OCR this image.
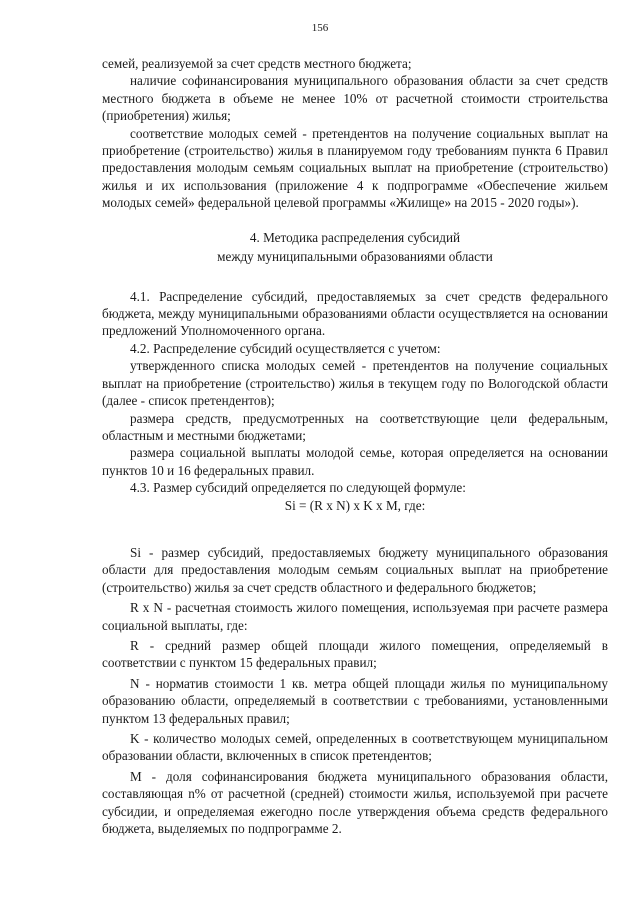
156

семей, реализуемой за счет средств местного бюджета;

наличие софинансирования муниципального образования области за счет средств местного бюджета в объеме не менее 10% от расчетной стоимости строительства (приобретения) жилья;

соответствие молодых семей - претендентов на получение социальных выплат на приобретение (строительство) жилья в планируемом году требованиям пункта 6 Правил предоставления молодым семьям социальных выплат на приобретение (строительство) жилья и их использования (приложение 4 к подпрограмме «Обеспечение жильем молодых семей» федеральной целевой программы «Жилище» на 2015 - 2020 годы»).

4. Методика распределения субсидий
между муниципальными образованиями области

4.1. Распределение субсидий, предоставляемых за счет средств федерального бюджета, между муниципальными образованиями области осуществляется на основании предложений Уполномоченного органа.

4.2. Распределение субсидий осуществляется с учетом:

утвержденного списка молодых семей - претендентов на получение социальных выплат на приобретение (строительство) жилья в текущем году по Вологодской области (далее - список претендентов);

размера средств, предусмотренных на соответствующие цели федеральным, областным и местными бюджетами;

размера социальной выплаты молодой семье, которая определяется на основании пунктов 10 и 16 федеральных правил.

4.3. Размер субсидий определяется по следующей формуле:

Si = (R x N) x K x M, где:

Si - размер субсидий, предоставляемых бюджету муниципального образования области для предоставления молодым семьям социальных выплат на приобретение (строительство) жилья за счет средств областного и федерального бюджетов;

R x N - расчетная стоимость жилого помещения, используемая при расчете размера социальной выплаты, где:

R - средний размер общей площади жилого помещения, определяемый в соответствии с пунктом 15 федеральных правил;

N - норматив стоимости 1 кв. метра общей площади жилья по муниципальному образованию области, определяемый в соответствии с требованиями, установленными пунктом 13 федеральных правил;

K - количество молодых семей, определенных в соответствующем муниципальном образовании области, включенных в список претендентов;

M - доля софинансирования бюджета муниципального образования области, составляющая n% от расчетной (средней) стоимости жилья, используемой при расчете субсидии, и определяемая ежегодно после утверждения объема средств федерального бюджета, выделяемых по подпрограмме 2.
